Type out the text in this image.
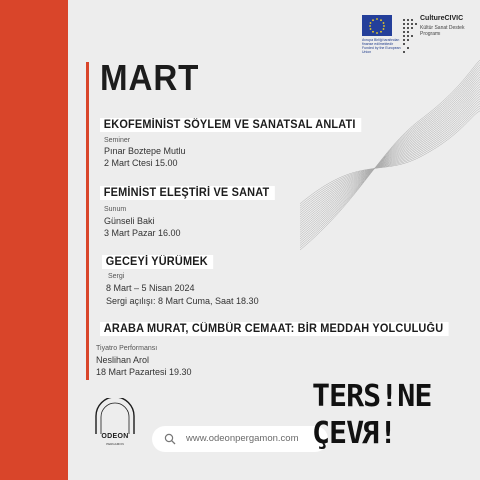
MART
EKOFEMİNİST SÖYLEM VE SANATSAL ANLATI
Seminer
Pınar Boztepe Mutlu
2 Mart Ctesi 15.00
FEMİNİST ELEŞTİRİ VE SANAT
Sunum
Günseli Baki
3 Mart Pazar 16.00
GECEYİ YÜRÜMEK
Sergi
8 Mart – 5 Nisan 2024
Sergi açılışı: 8 Mart Cuma, Saat 18.30
ARABA MURAT, CÜMBÜR CEMAAT: BİR MEDDAH YOLCULUĞU
Tiyatro Performansı
Neslihan Arol
18 Mart Pazartesi 19.30
Avrupa Birliği tarafından finanse edilmektedir Funded by the European Union
CultureCIVIC
Kültür Sanat Destek Programı
ODEON
PERGAMON	www.odeonpergamon.com
TERS!NE
ÇEV!R
